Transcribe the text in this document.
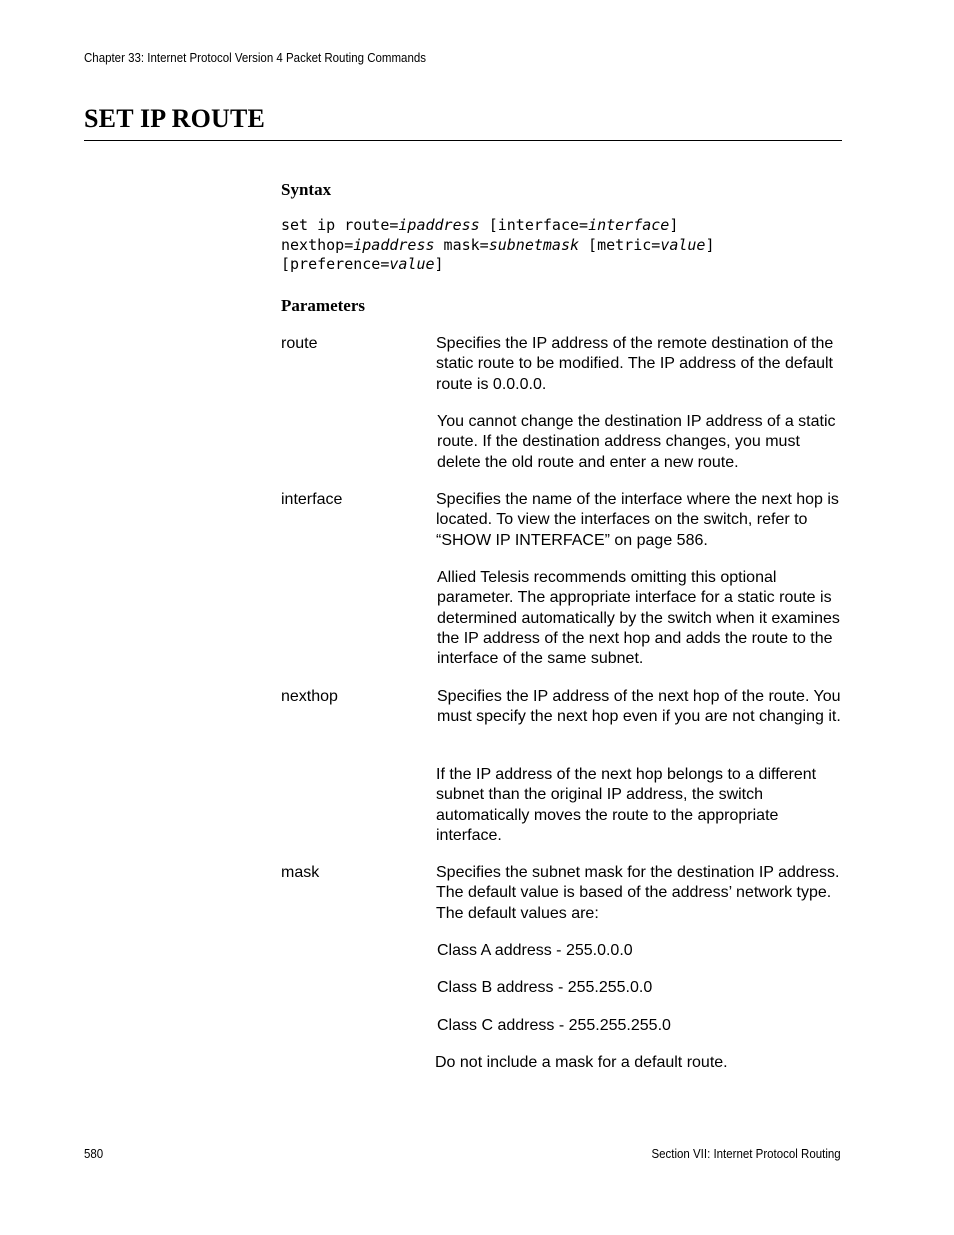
Chapter 33: Internet Protocol Version 4 Packet Routing Commands
SET IP ROUTE
Syntax
set ip route=ipaddress [interface=interface]
nexthop=ipaddress mask=subnetmask [metric=value]
[preference=value]
Parameters
route	Specifies the IP address of the remote destination of the static route to be modified. The IP address of the default route is 0.0.0.0.
You cannot change the destination IP address of a static route. If the destination address changes, you must delete the old route and enter a new route.
interface	Specifies the name of the interface where the next hop is located. To view the interfaces on the switch, refer to “SHOW IP INTERFACE” on page 586.
Allied Telesis recommends omitting this optional parameter. The appropriate interface for a static route is determined automatically by the switch when it examines the IP address of the next hop and adds the route to the interface of the same subnet.
nexthop	Specifies the IP address of the next hop of the route. You must specify the next hop even if you are not changing it.
If the IP address of the next hop belongs to a different subnet than the original IP address, the switch automatically moves the route to the appropriate interface.
mask	Specifies the subnet mask for the destination IP address. The default value is based of the address’ network type. The default values are:
Class A address - 255.0.0.0
Class B address - 255.255.0.0
Class C address - 255.255.255.0
Do not include a mask for a default route.
580	Section VII: Internet Protocol Routing
